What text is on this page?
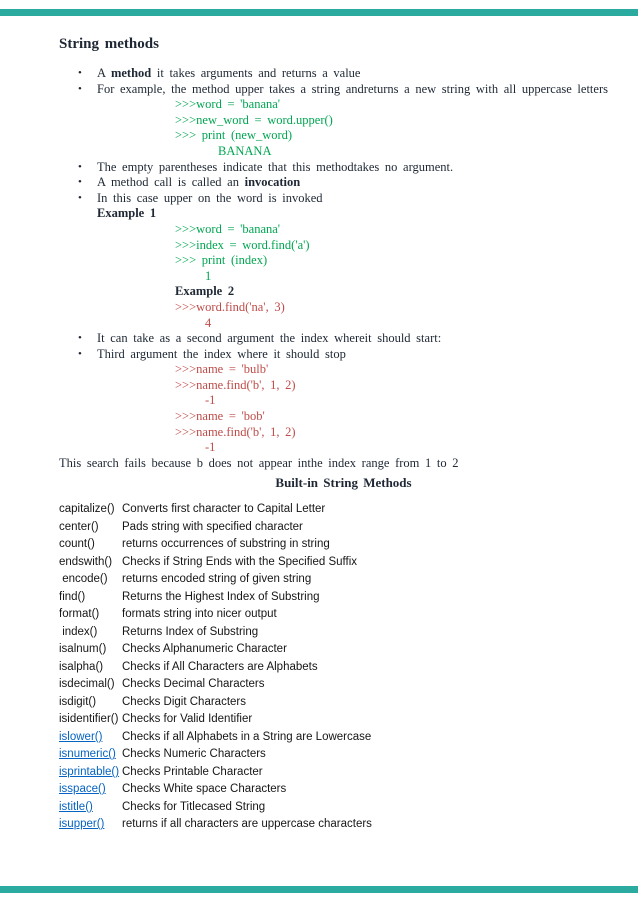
String methods
•	A method it takes arguments and returns a value
•	For example, the method upper takes a string andreturns a new string with all uppercase letters
>>>word = 'banana'
>>>new_word = word.upper()
>>> print (new_word)
BANANA
•	The empty parentheses indicate that this methodtakes no argument.
•	A method call is called an invocation
•	In this case upper on the word is invoked
Example 1
>>>word = 'banana'
>>>index = word.find('a')
>>> print (index)
1
Example 2
>>>word.find('na', 3)
4
•	It can take as a second argument the index whereit should start:
•	Third argument the index where it should stop
>>>name = 'bulb'
>>>name.find('b', 1, 2)
-1
>>>name = 'bob'
>>>name.find('b', 1, 2)
-1
This search fails because b does not appear inthe index range from 1 to 2
Built-in String Methods
capitalize() Converts first character to Capital Letter
center()	Pads string with specified character
count()	returns occurrences of substring in string
endswith() Checks if String Ends with the Specified Suffix
encode()	returns encoded string of given string
find()	Returns the Highest Index of Substring
format()	formats string into nicer output
index()	Returns Index of Substring
isalnum()	Checks Alphanumeric Character
isalpha()	Checks if All Characters are Alphabets
isdecimal() Checks Decimal Characters
isdigit()	Checks Digit Characters
isidentifier() Checks for Valid Identifier
islower()	Checks if all Alphabets in a String are Lowercase
isnumeric() Checks Numeric Characters
isprintable() Checks Printable Character
isspace()	Checks White space Characters
istitle()	Checks for Titlecased String
isupper()	returns if all characters are uppercase characters
